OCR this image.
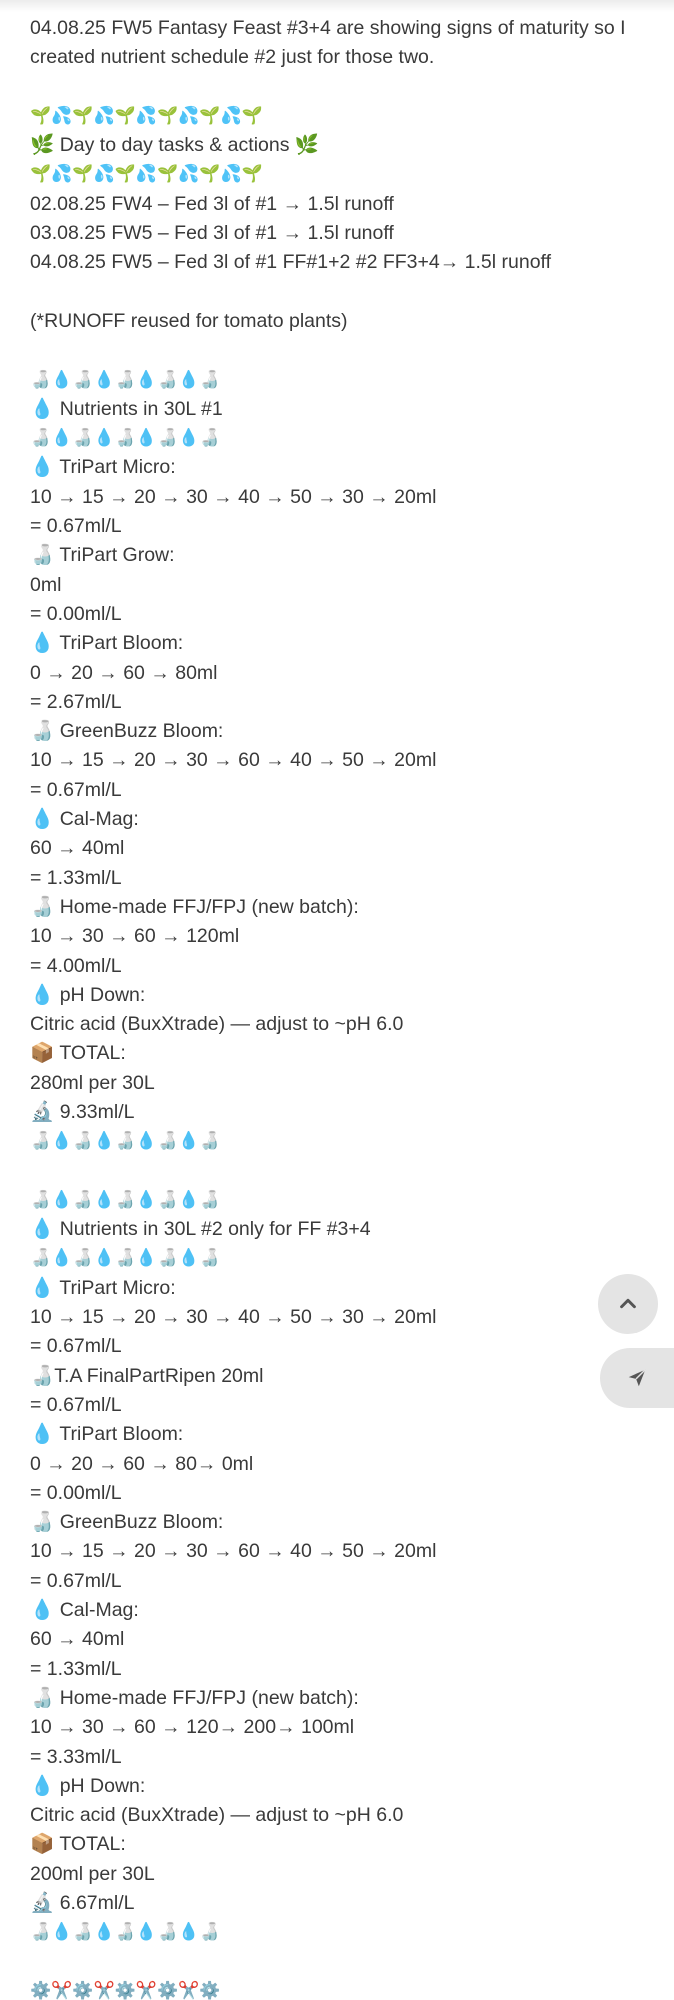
04.08.25 FW5 Fantasy Feast #3+4 are showing signs of maturity so I created nutrient schedule #2 just for those two.
🌱💦🌱💦🌱💦🌱💦🌱💦🌱
🌿 Day to day tasks & actions 🌿
🌱💦🌱💦🌱💦🌱💦🌱💦🌱
02.08.25 FW4 – Fed 3l of #1 → 1.5l runoff
03.08.25 FW5 – Fed 3l of #1 → 1.5l runoff
04.08.25 FW5 – Fed 3l of #1 FF#1+2 #2 FF3+4→ 1.5l runoff
(*RUNOFF reused for tomato plants)
🍶💧🍶💧🍶💧🍶💧🍶
💧 Nutrients in 30L #1
🍶💧🍶💧🍶💧🍶💧🍶
💧 TriPart Micro:
10 → 15 → 20 → 30 → 40 → 50 → 30 → 20ml
= 0.67ml/L
🍶 TriPart Grow:
0ml
= 0.00ml/L
💧 TriPart Bloom:
0 → 20 → 60 → 80ml
= 2.67ml/L
🍶 GreenBuzz Bloom:
10 → 15 → 20 → 30 → 60 → 40 → 50 → 20ml
= 0.67ml/L
💧 Cal-Mag:
60 → 40ml
= 1.33ml/L
🍶 Home-made FFJ/FPJ (new batch):
10 → 30 → 60 → 120ml
= 4.00ml/L
💧 pH Down:
Citric acid (BuxXtrade) — adjust to ~pH 6.0
📦 TOTAL:
280ml per 30L
🔬 9.33ml/L
🍶💧🍶💧🍶💧🍶💧🍶
🍶💧🍶💧🍶💧🍶💧🍶
💧 Nutrients in 30L #2 only for FF #3+4
🍶💧🍶💧🍶💧🍶💧🍶
💧 TriPart Micro:
10 → 15 → 20 → 30 → 40 → 50 → 30 → 20ml
= 0.67ml/L
🍶T.A FinalPartRipen 20ml
= 0.67ml/L
💧 TriPart Bloom:
0 → 20 → 60 → 80→ 0ml
= 0.00ml/L
🍶 GreenBuzz Bloom:
10 → 15 → 20 → 30 → 60 → 40 → 50 → 20ml
= 0.67ml/L
💧 Cal-Mag:
60 → 40ml
= 1.33ml/L
🍶 Home-made FFJ/FPJ (new batch):
10 → 30 → 60 → 120→ 200→ 100ml
= 3.33ml/L
💧 pH Down:
Citric acid (BuxXtrade) — adjust to ~pH 6.0
📦 TOTAL:
200ml per 30L
🔬 6.67ml/L
🍶💧🍶💧🍶💧🍶💧🍶
⚙️✂️⚙️✂️⚙️✂️⚙️✂️⚙️
